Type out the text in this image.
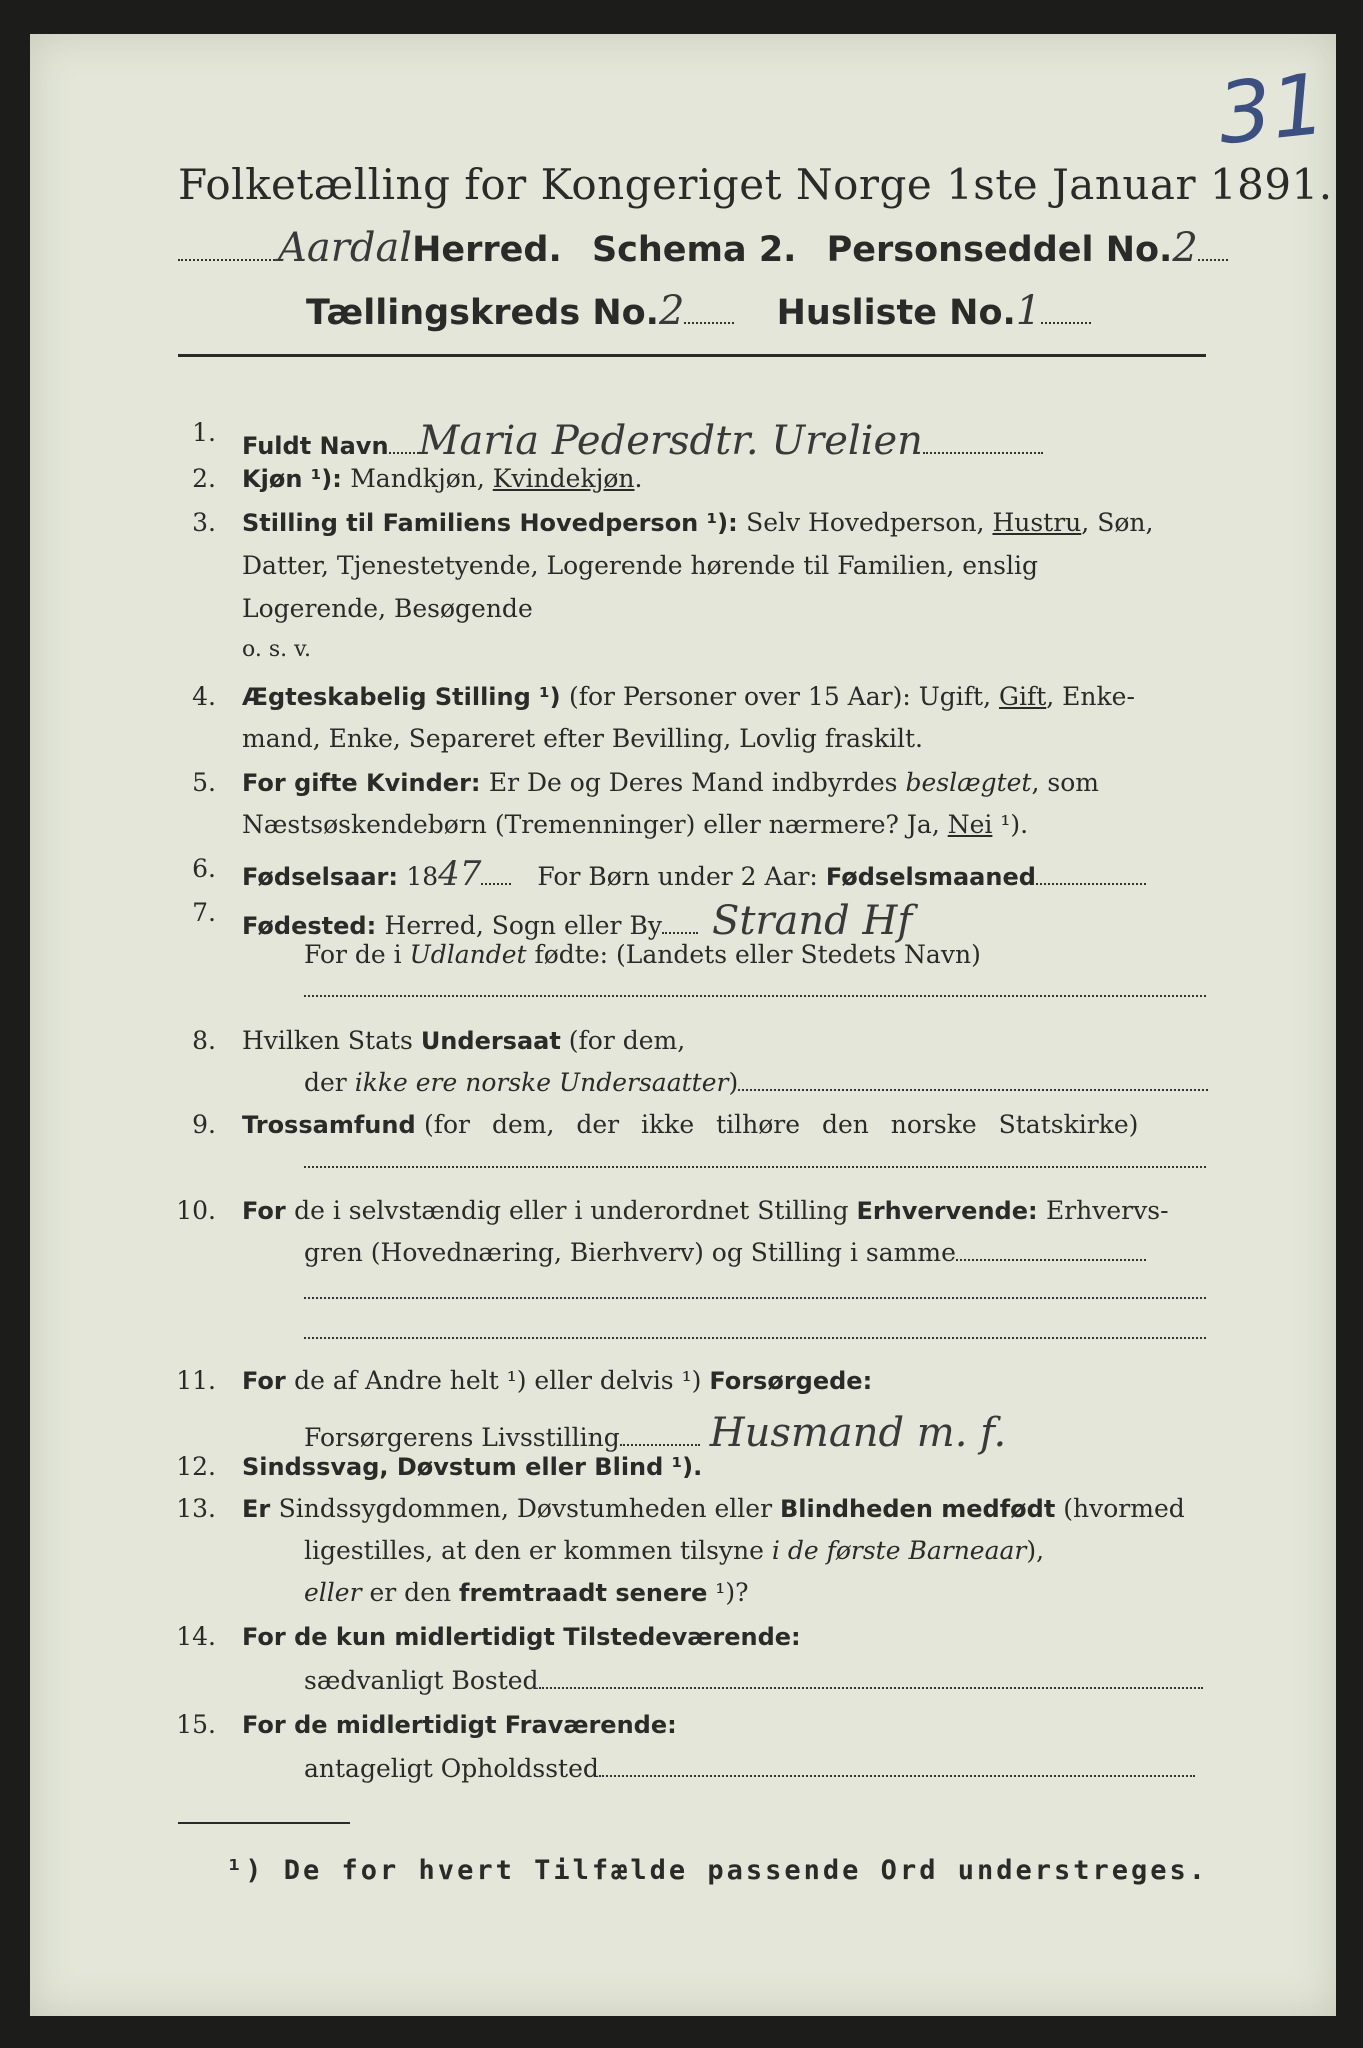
31
Folketælling for Kongeriget Norge 1ste Januar 1891.
AardalHerred. Schema 2. Personseddel No.2
Tællingskreds No.2	Husliste No.1
1. Fuldt Navn Maria Pedersdtr. Urelien
2. Kjøn ¹): Mandkjøn, Kvindekjøn.
3. Stilling til Familiens Hovedperson ¹): Selv Hovedperson, Hustru, Søn,
Datter, Tjenestetyende, Logerende hørende til Familien, enslig
Logerende, Besøgende
o. s. v.
4. Ægteskabelig Stilling ¹) (for Personer over 15 Aar): Ugift, Gift, Enke-
mand, Enke, Separeret efter Bevilling, Lovlig fraskilt.
5. For gifte Kvinder: Er De og Deres Mand indbyrdes beslægtet, som
Næstsøskendebørn (Tremenninger) eller nærmere? Ja, Nei ¹).
6. Fødselsaar: 1847 For Børn under 2 Aar: Fødselsmaaned
7. Fødested: Herred, Sogn eller By Strand Hf
For de i Udlandet fødte: (Landets eller Stedets Navn)
8. Hvilken Stats Undersaat (for dem,
der ikke ere norske Undersaatter)
9. Trossamfund (for dem, der ikke tilhøre den norske Statskirke)
10. For de i selvstændig eller i underordnet Stilling Erhvervende: Erhvervs-
gren (Hovednæring, Bierhverv) og Stilling i samme
11. For de af Andre helt ¹) eller delvis ¹) Forsørgede:
Forsørgerens Livsstilling Husmand m. f.
12. Sindssvag, Døvstum eller Blind ¹).
13. Er Sindssygdommen, Døvstumheden eller Blindheden medfødt (hvormed
ligestilles, at den er kommen tilsyne i de første Barneaar),
eller er den fremtraadt senere ¹)?
14. For de kun midlertidigt Tilstedeværende:
sædvanligt Bosted
15. For de midlertidigt Fraværende:
antageligt Opholdssted
¹) De for hvert Tilfælde passende Ord understreges.
